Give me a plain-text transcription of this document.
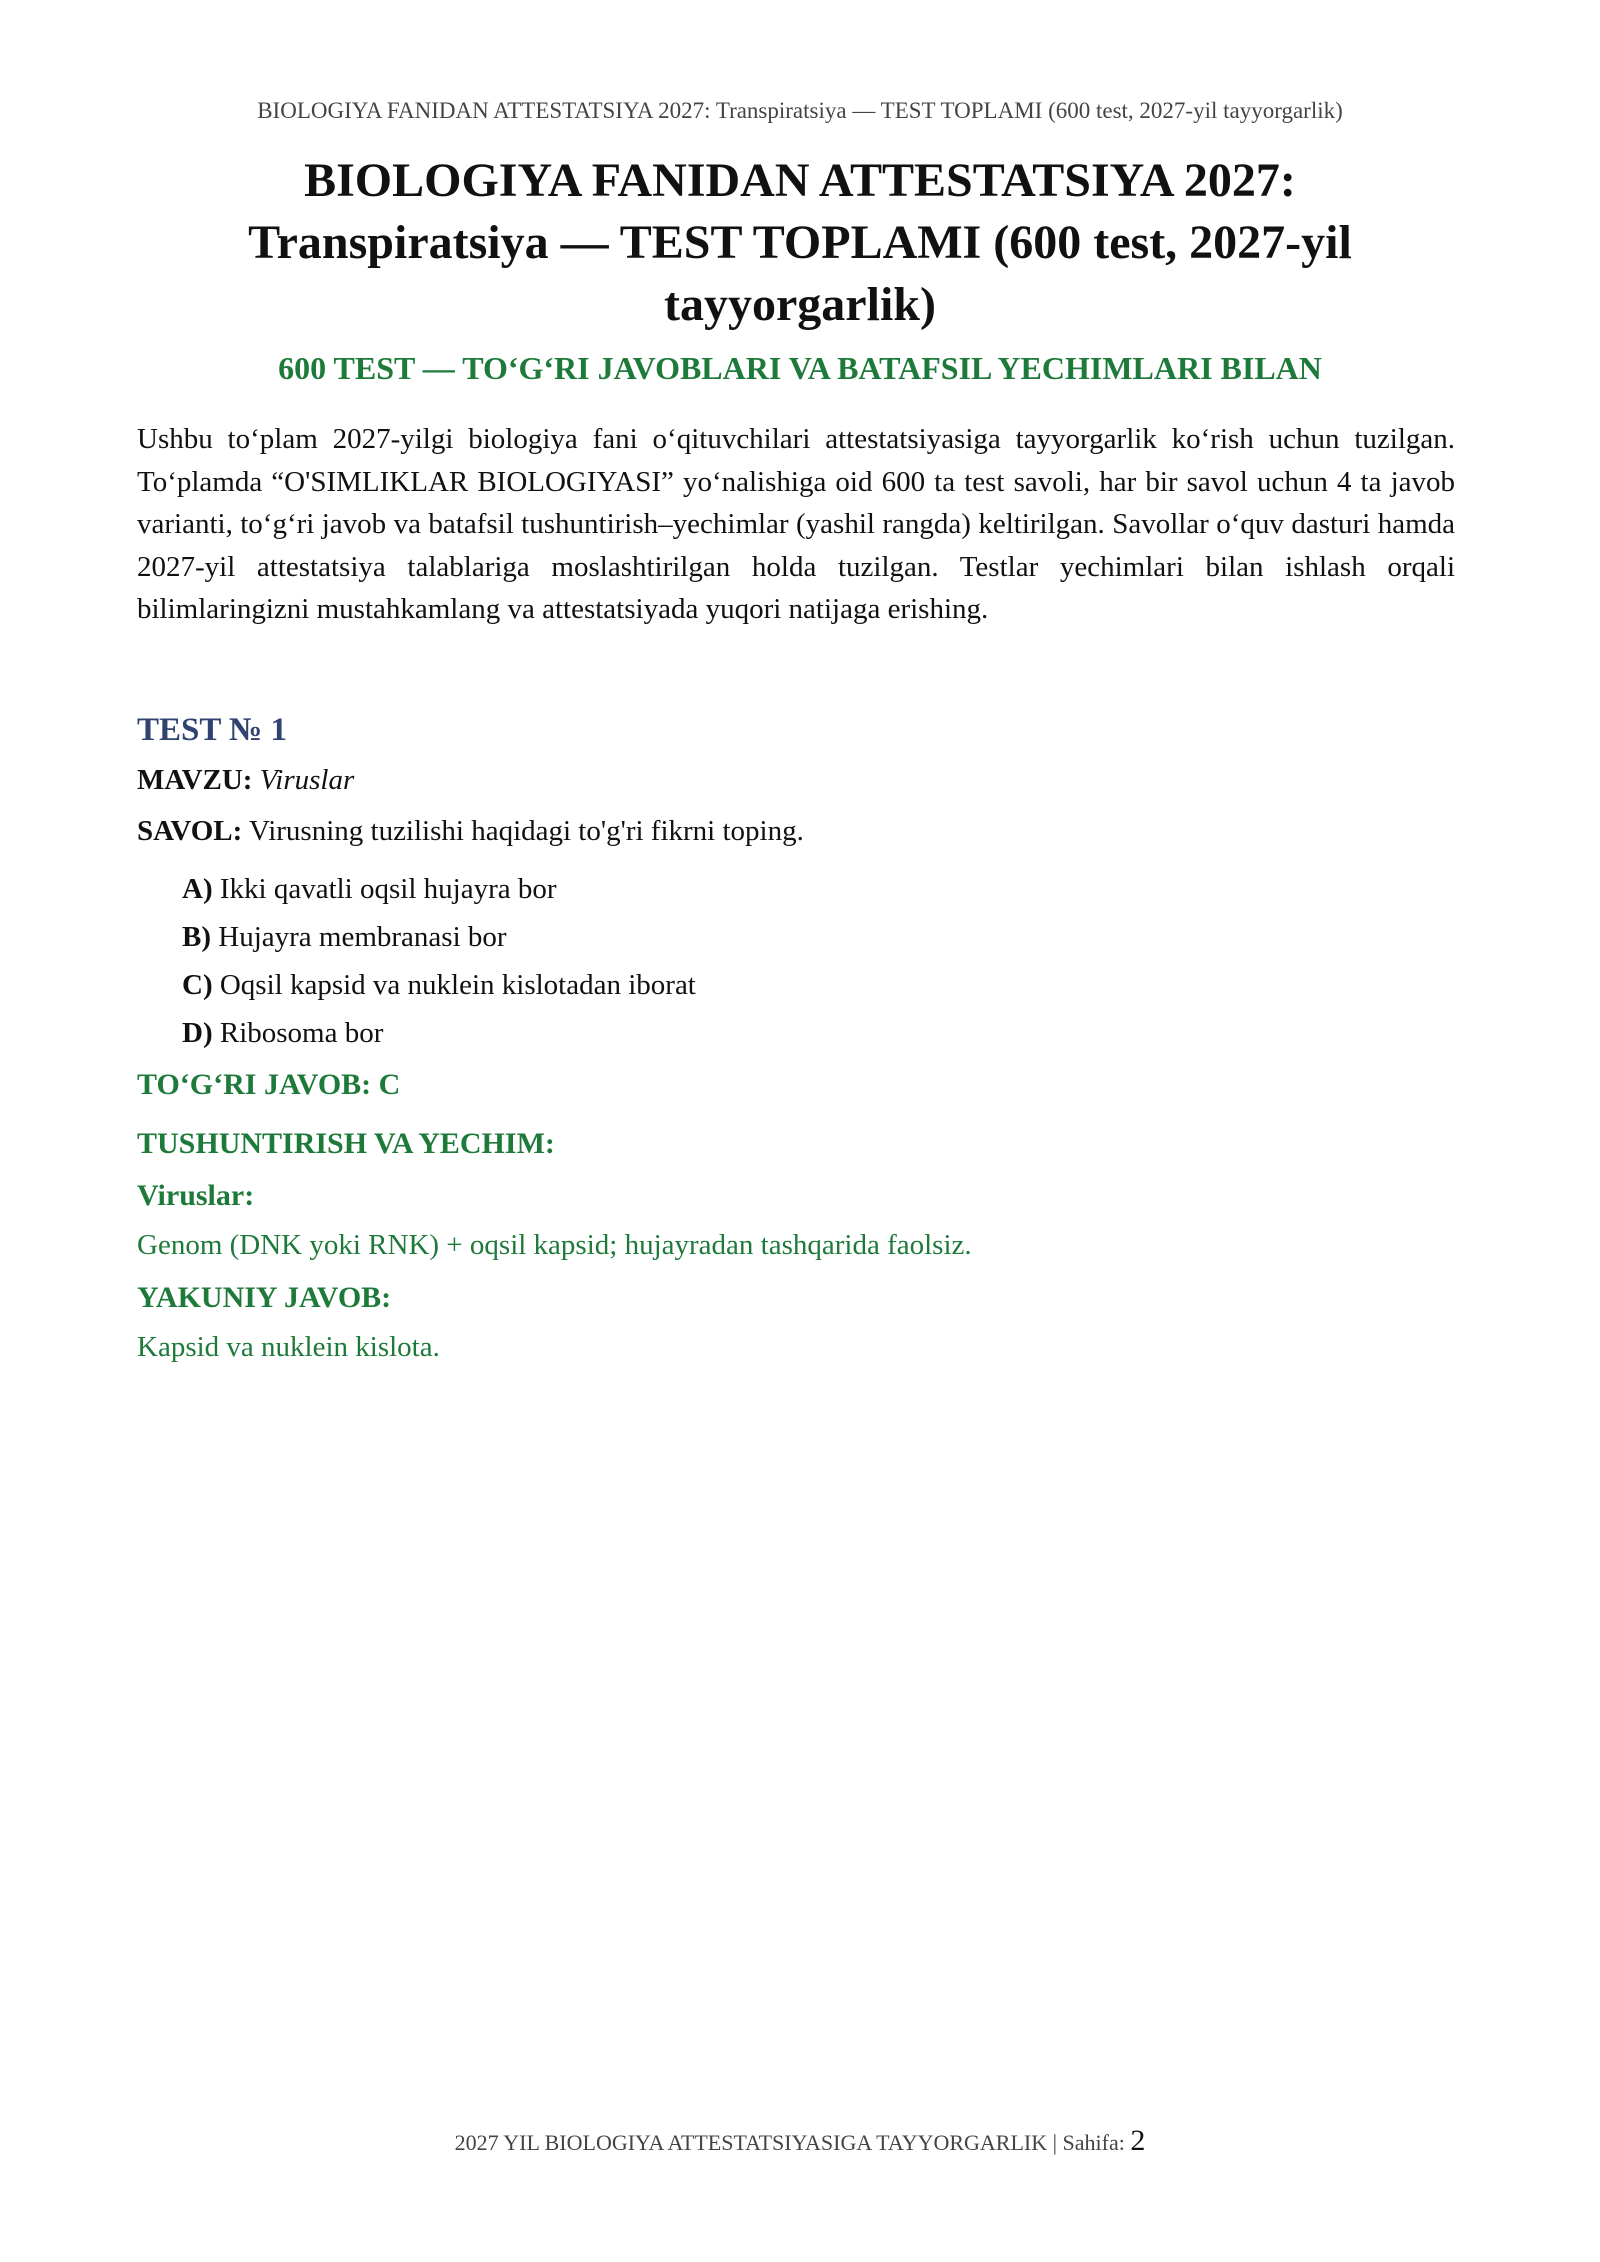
BIOLOGIYA FANIDAN ATTESTATSIYA 2027: Transpiratsiya — TEST TOPLAMI (600 test, 2027-yil tayyorgarlik)
BIOLOGIYA FANIDAN ATTESTATSIYA 2027:
Transpiratsiya — TEST TOPLAMI (600 test, 2027-yil
tayyorgarlik)
600 TEST — TO‘G‘RI JAVOBLARI VA BATAFSIL YECHIMLARI BILAN
Ushbu to‘plam 2027-yilgi biologiya fani o‘qituvchilari attestatsiyasiga tayyorgarlik ko‘rish uchun tuzilgan. To‘plamda “O'SIMLIKLAR BIOLOGIYASI” yo‘nalishiga oid 600 ta test savoli, har bir savol uchun 4 ta javob varianti, to‘g‘ri javob va batafsil tushuntirish–yechimlar (yashil rangda) keltirilgan. Savollar o‘quv dasturi hamda 2027-yil attestatsiya talablariga moslashtirilgan holda tuzilgan. Testlar yechimlari bilan ishlash orqali bilimlaringizni mustahkamlang va attestatsiyada yuqori natijaga erishing.
TEST № 1
MAVZU: Viruslar
SAVOL: Virusning tuzilishi haqidagi to'g'ri fikrni toping.
A) Ikki qavatli oqsil hujayra bor
B) Hujayra membranasi bor
C) Oqsil kapsid va nuklein kislotadan iborat
D) Ribosoma bor
TO‘G‘RI JAVOB: C
TUSHUNTIRISH VA YECHIM:
Viruslar:
Genom (DNK yoki RNK) + oqsil kapsid; hujayradan tashqarida faolsiz.
YAKUNIY JAVOB:
Kapsid va nuklein kislota.
2027 YIL BIOLOGIYA ATTESTATSIYASIGA TAYYORGARLIK | Sahifa: 2
